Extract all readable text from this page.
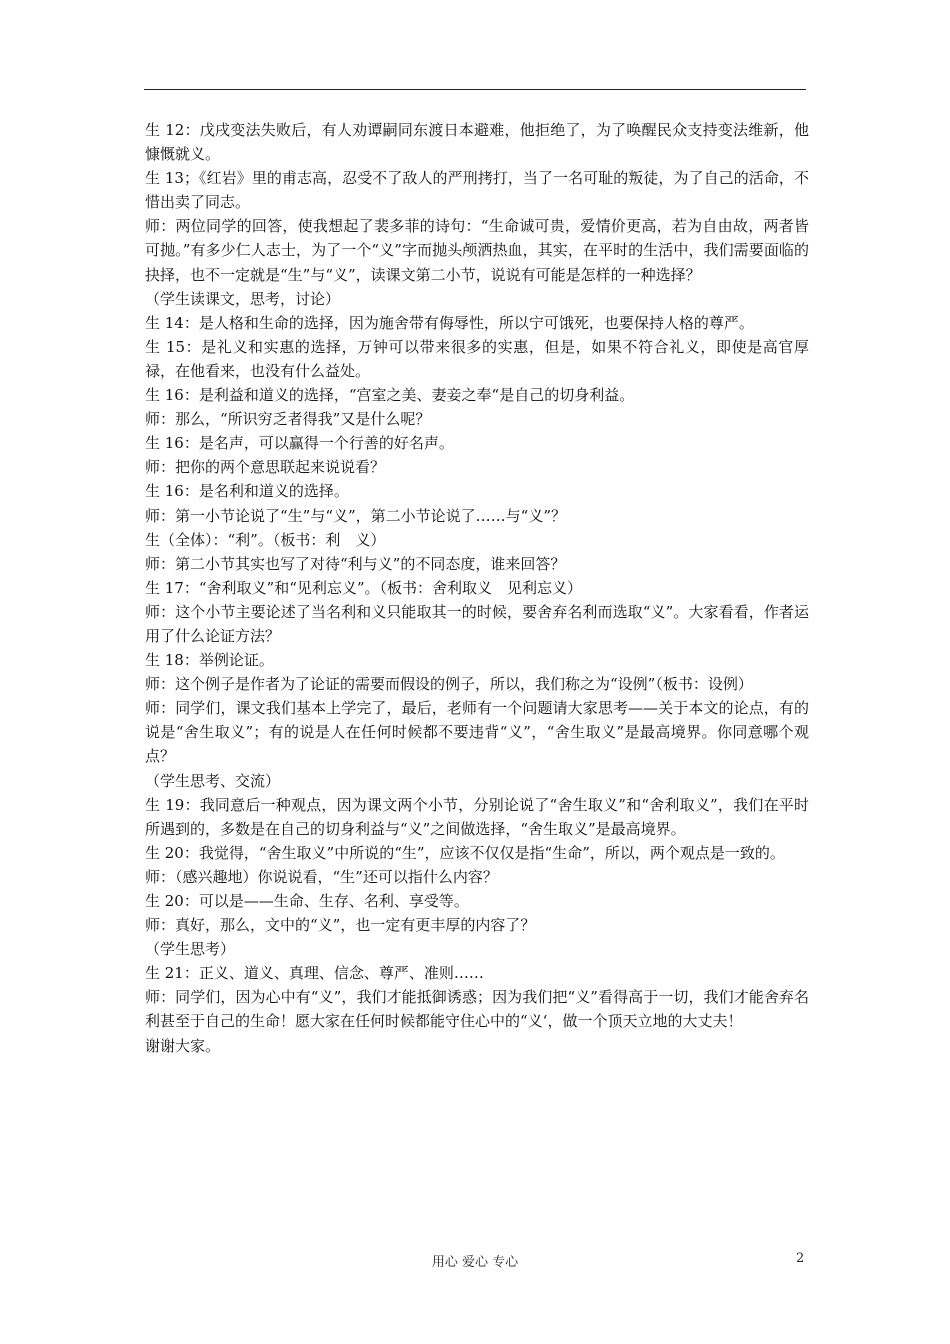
生 12：戊戌变法失败后，有人劝谭嗣同东渡日本避难，他拒绝了，为了唤醒民众支持变法维新，他慷慨就义。

生 13；《红岩》里的甫志高，忍受不了敌人的严刑拷打，当了一名可耻的叛徒，为了自己的活命，不惜出卖了同志。

师：两位同学的回答，使我想起了裴多菲的诗句：“生命诚可贵，爱情价更高，若为自由故，两者皆可抛。”有多少仁人志士，为了一个“义”字而抛头颅洒热血，其实，在平时的生活中，我们需要面临的抉择，也不一定就是“生”与“义”，读课文第二小节，说说有可能是怎样的一种选择？

（学生读课文，思考，讨论）

生 14：是人格和生命的选择，因为施舍带有侮辱性，所以宁可饿死，也要保持人格的尊严。

生 15：是礼义和实惠的选择，万钟可以带来很多的实惠，但是，如果不符合礼义，即使是高官厚禄，在他看来，也没有什么益处。

生 16：是利益和道义的选择，“宫室之美、妻妾之奉“是自己的切身利益。

师：那么，“所识穷乏者得我”又是什么呢？

生 16：是名声，可以赢得一个行善的好名声。

师：把你的两个意思联起来说说看？

生 16：是名利和道义的选择。

师：第一小节论说了“生”与“义”，第二小节论说了……与“义”？

生（全体）：“利”。（板书：利　义）

师：第二小节其实也写了对待“利与义”的不同态度，谁来回答？

生 17：“舍利取义”和“见利忘义”。（板书：舍利取义　见利忘义）

师：这个小节主要论述了当名利和义只能取其一的时候，要舍弃名利而选取“义”。大家看看，作者运用了什么论证方法？

生 18：举例论证。

师：这个例子是作者为了论证的需要而假设的例子，所以，我们称之为“设例”（板书：设例）

师：同学们，课文我们基本上学完了，最后，老师有一个问题请大家思考——关于本文的论点，有的说是“舍生取义”；有的说是人在任何时候都不要违背“义”，“舍生取义”是最高境界。你同意哪个观点？

（学生思考、交流）

生 19：我同意后一种观点，因为课文两个小节，分别论说了“舍生取义”和“舍利取义”，我们在平时所遇到的，多数是在自己的切身利益与“义”之间做选择，“舍生取义”是最高境界。

生 20：我觉得，“舍生取义”中所说的“生”，应该不仅仅是指“生命”，所以，两个观点是一致的。

师：（感兴趣地）你说说看，“生”还可以指什么内容？

生 20：可以是——生命、生存、名利、享受等。

师：真好，那么，文中的“义”，也一定有更丰厚的内容了？

（学生思考）

生 21：正义、道义、真理、信念、尊严、准则……

师：同学们，因为心中有“义”，我们才能抵御诱惑；因为我们把“义”看得高于一切，我们才能舍弃名利甚至于自己的生命！愿大家在任何时候都能守住心中的“义‘，做一个顶天立地的大丈夫！

谢谢大家。

用心 爱心 专心	2
